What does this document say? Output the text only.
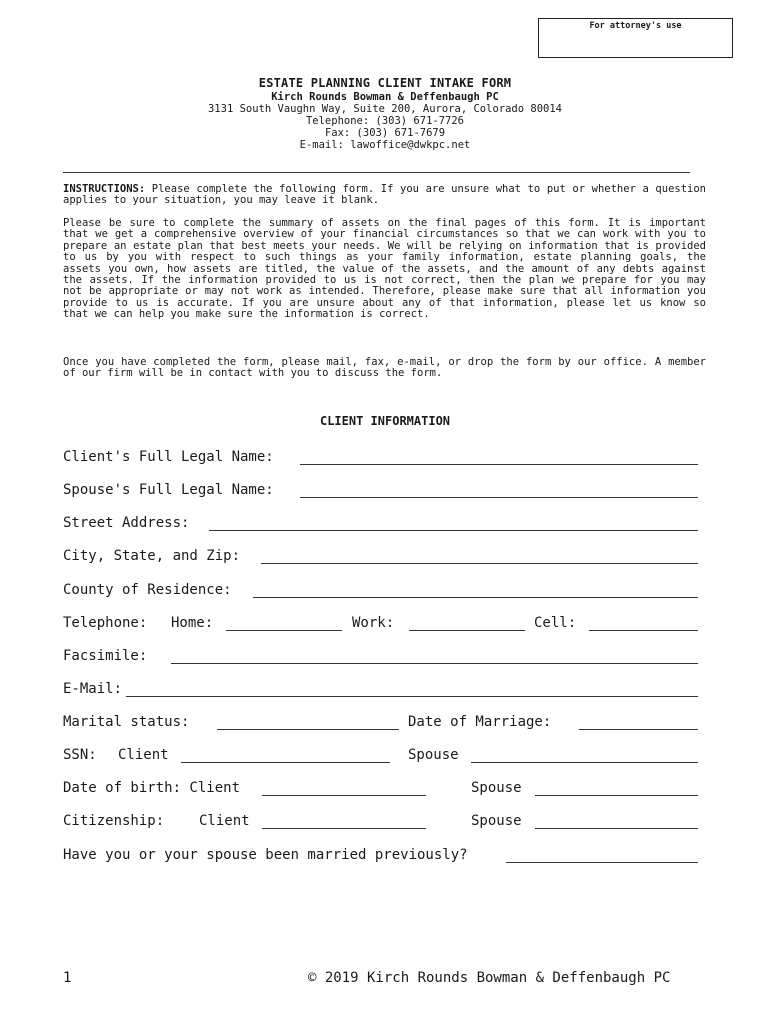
For attorney's use
ESTATE PLANNING CLIENT INTAKE FORM
Kirch Rounds Bowman & Deffenbaugh PC
3131 South Vaughn Way, Suite 200, Aurora, Colorado 80014
Telephone: (303) 671-7726
Fax: (303) 671-7679
E-mail: lawoffice@dwkpc.net

INSTRUCTIONS: Please complete the following form. If you are unsure what to put or whether a question applies to your situation, you may leave it blank.

Please be sure to complete the summary of assets on the final pages of this form. It is important that we get a comprehensive overview of your financial circumstances so that we can work with you to prepare an estate plan that best meets your needs. We will be relying on information that is provided to us by you with respect to such things as your family information, estate planning goals, the assets you own, how assets are titled, the value of the assets, and the amount of any debts against the assets. If the information provided to us is not correct, then the plan we prepare for you may not be appropriate or may not work as intended. Therefore, please make sure that all information you provide to us is accurate. If you are unsure about any of that information, please let us know so that we can help you make sure the information is correct.

Once you have completed the form, please mail, fax, e-mail, or drop the form by our office. A member of our firm will be in contact with you to discuss the form.

CLIENT INFORMATION
Client's Full Legal Name:
Spouse's Full Legal Name:
Street Address:
City, State, and Zip:
County of Residence:
Telephone: Home:	Work:	Cell:
Facsimile:
E-Mail:
Marital status:	Date of Marriage:
SSN: Client	Spouse
Date of birth: Client	Spouse
Citizenship: Client	Spouse
Have you or your spouse been married previously?
1	© 2019 Kirch Rounds Bowman & Deffenbaugh PC
